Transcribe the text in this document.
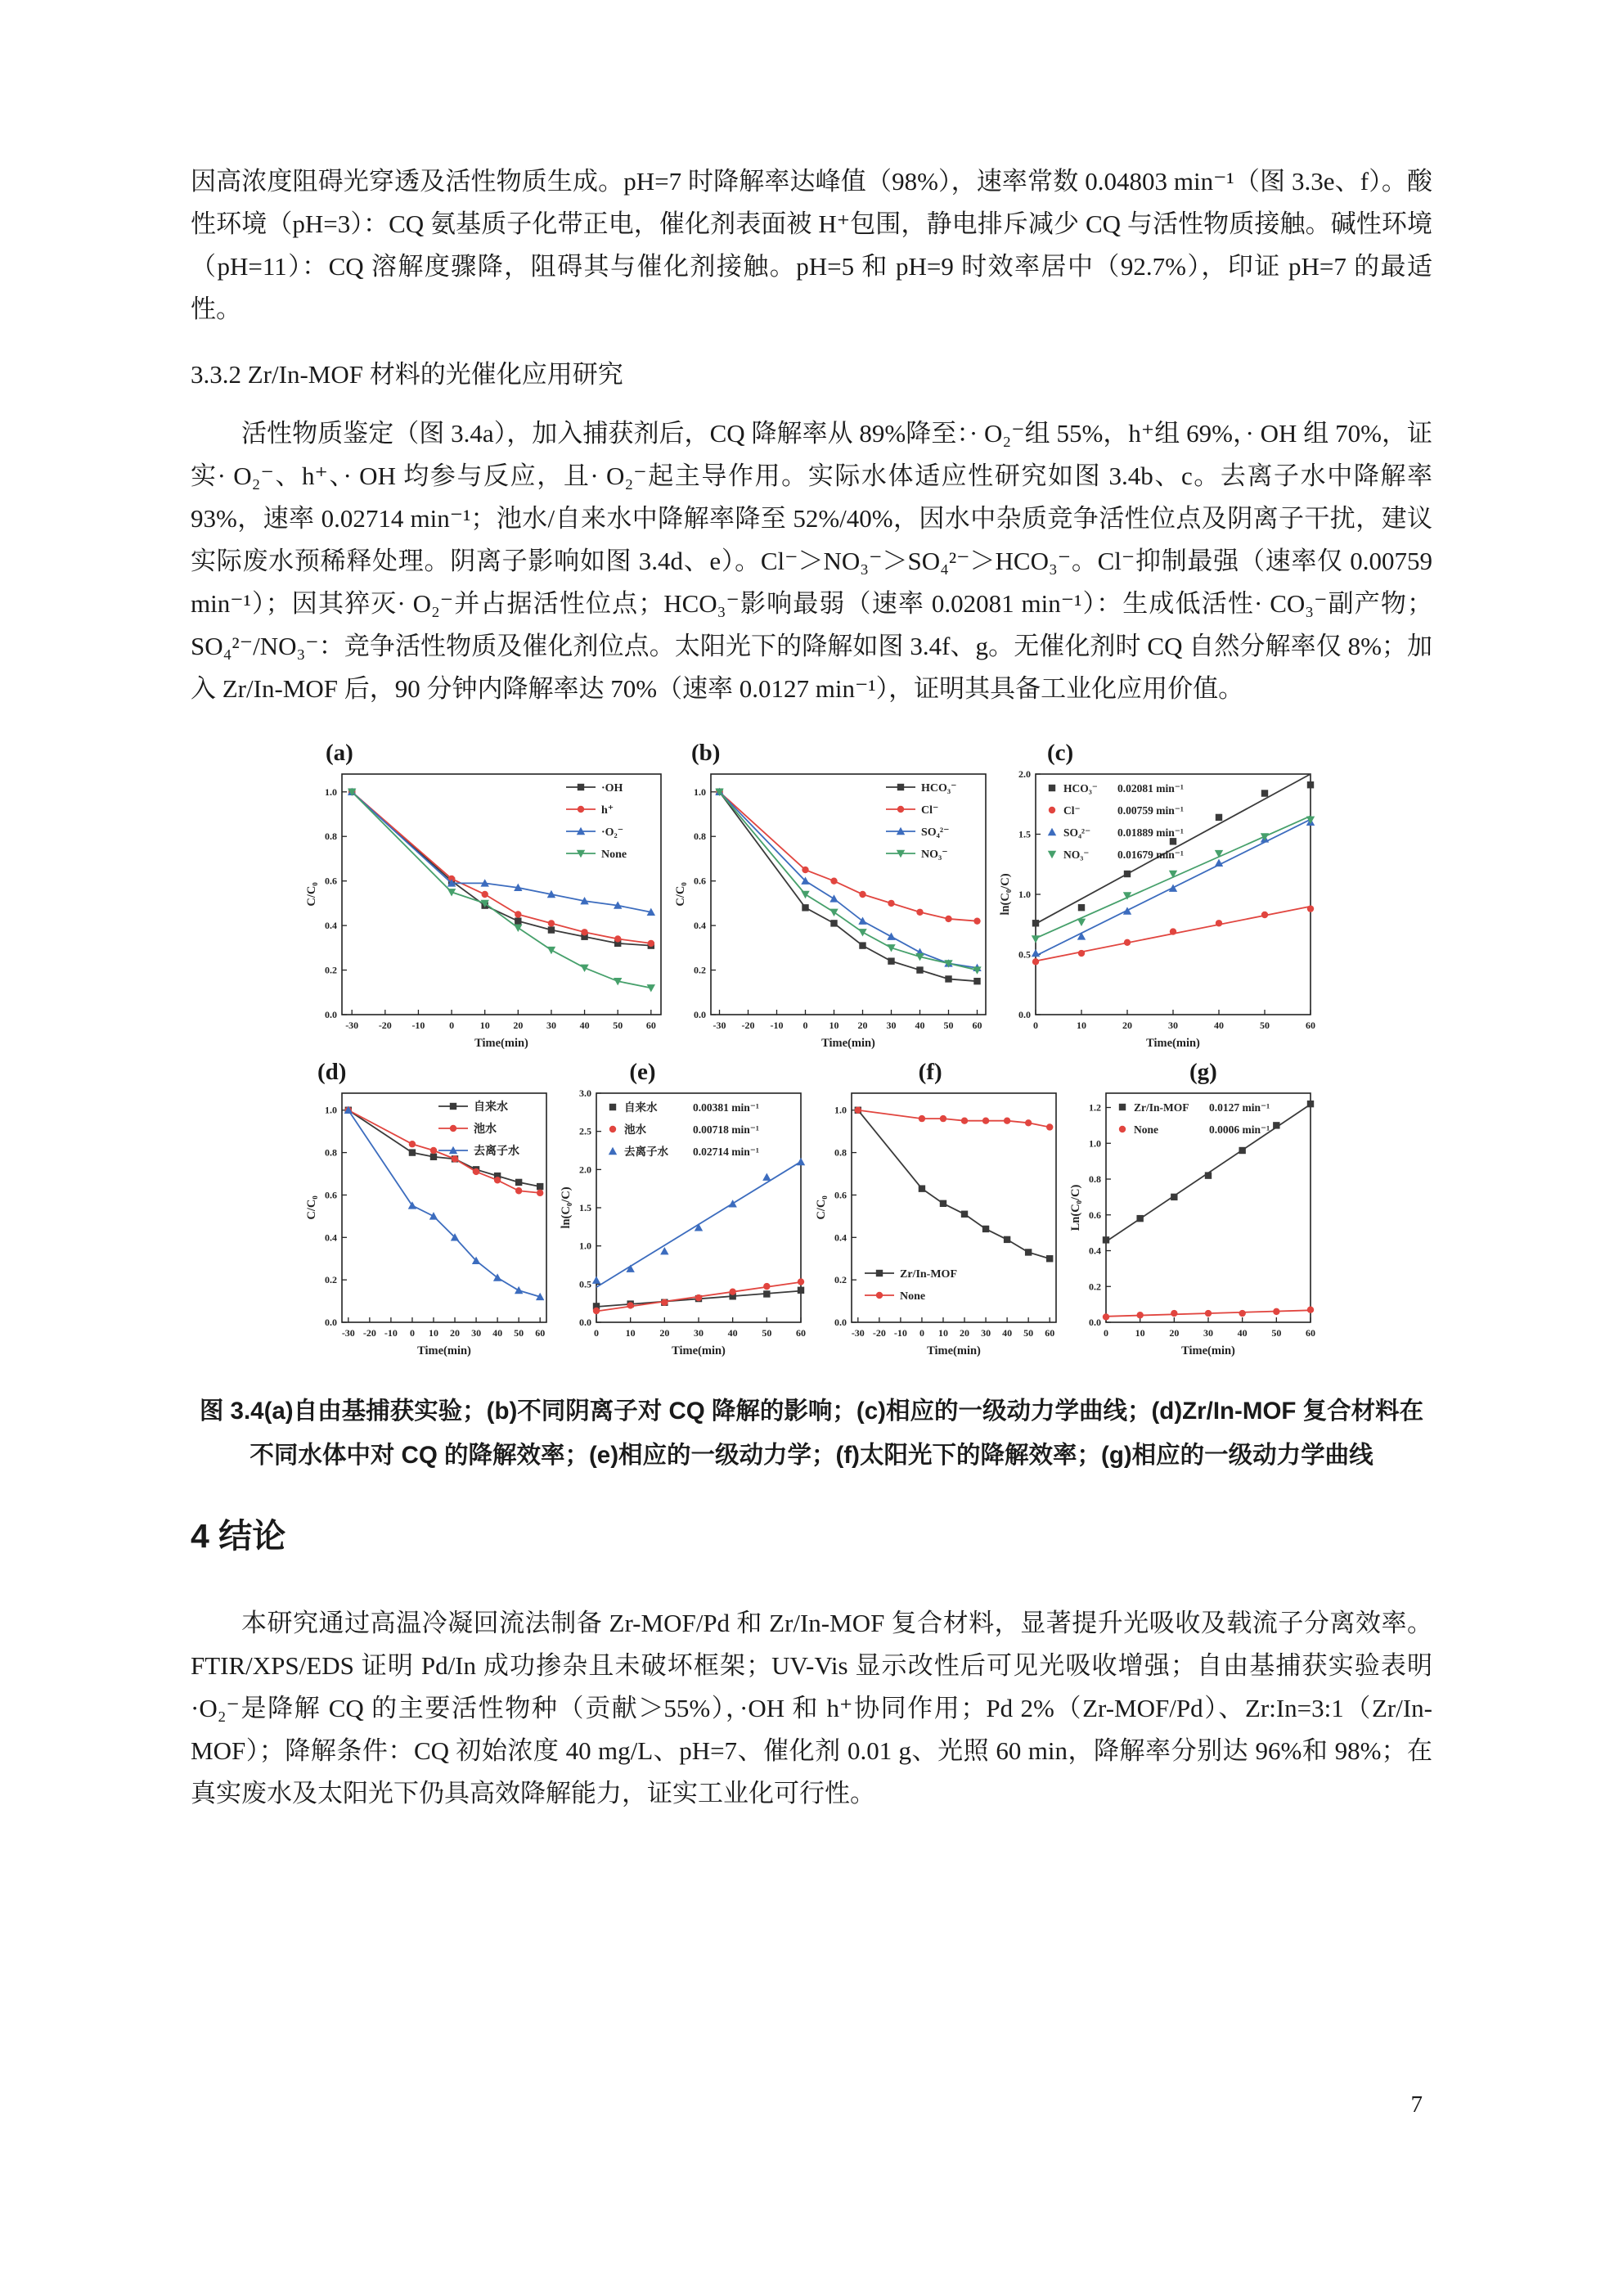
因高浓度阻碍光穿透及活性物质生成。pH=7 时降解率达峰值（98%），速率常数 0.04803 min⁻¹（图 3.3e、f）。酸性环境（pH=3）：CQ 氨基质子化带正电，催化剂表面被 H⁺包围，静电排斥减少 CQ 与活性物质接触。碱性环境（pH=11）：CQ 溶解度骤降，阻碍其与催化剂接触。pH=5 和 pH=9 时效率居中（92.7%），印证 pH=7 的最适性。

3.3.2 Zr/In-MOF 材料的光催化应用研究

活性物质鉴定（图 3.4a），加入捕获剂后，CQ 降解率从 89%降至：· O₂⁻组 55%，h⁺组 69%，· OH 组 70%，证实· O₂⁻、h⁺、· OH 均参与反应，且· O₂⁻起主导作用。实际水体适应性研究如图 3.4b、c。去离子水中降解率 93%，速率 0.02714 min⁻¹；池水/自来水中降解率降至 52%/40%，因水中杂质竞争活性位点及阴离子干扰，建议实际废水预稀释处理。阴离子影响如图 3.4d、e）。Cl⁻＞NO₃⁻＞SO₄²⁻＞HCO₃⁻。Cl⁻抑制最强（速率仅 0.00759 min⁻¹）；因其猝灭· O₂⁻并占据活性位点；HCO₃⁻影响最弱（速率 0.02081 min⁻¹）：生成低活性· CO₃⁻副产物；SO₄²⁻/NO₃⁻：竞争活性物质及催化剂位点。太阳光下的降解如图 3.4f、g。无催化剂时 CQ 自然分解率仅 8%；加入 Zr/In-MOF 后，90 分钟内降解率达 70%（速率 0.0127 min⁻¹），证明其具备工业化应用价值。

(a)
-30 -20 -10 0	10 20 30 40 50 60
0.0
0.2
0.4
0.6
0.8
1.0
Time(min)
C/C₀
·OH
h⁺
·O₂⁻
None
(b)
-30 -20 -10 0 10 20 30 40 50 60
0.0
0.2
0.4
0.6
0.8
1.0
Time(min)
C/C₀
HCO₃⁻
Cl⁻
SO₄²⁻
NO₃⁻
(c)
0	10	20	30	40	50	60
0.0
0.5
1.0
1.5
2.0
Time(min)
ln(C₀/C)
HCO₃⁻ 0.02081 min⁻¹
Cl⁻	0.00759 min⁻¹
SO₄²⁻ 0.01889 min⁻¹
NO₃⁻	0.01679 min⁻¹
(d)
-30 -20 -10 0 10 20 30 40 50 60
0.0
0.2
0.4
0.6
0.8
1.0
Time(min)
C/C₀
自来水
池水
去离子水
(e)
0	10 20 30 40 50 60
0.0
0.5
1.0
1.5
2.0
2.5
3.0
Time(min)
ln(C₀/C)
自来水	0.00381 min⁻¹
池水	0.00718 min⁻¹
去离子水 0.02714 min⁻¹
(f)
-30 -20 -10 0 10 20 30 40 50 60
0.0
0.2
0.4
0.6
0.8
1.0
Time(min)
C/C₀
Zr/In-MOF
None
(g)
0	10 20 30 40 50 60
0.0
0.2
0.4
0.6
0.8
1.0
1.2
Time(min)
Ln(C₀/C)
Zr/In-MOF 0.0127 min⁻¹
None	0.0006 min⁻¹
图 3.4(a)自由基捕获实验；(b)不同阴离子对 CQ 降解的影响；(c)相应的一级动力学曲线；(d)Zr/In-MOF 复合材料在不同水体中对 CQ 的降解效率；(e)相应的一级动力学；(f)太阳光下的降解效率；(g)相应的一级动力学曲线
4 结论

本研究通过高温冷凝回流法制备 Zr-MOF/Pd 和 Zr/In-MOF 复合材料，显著提升光吸收及载流子分离效率。FTIR/XPS/EDS 证明 Pd/In 成功掺杂且未破坏框架；UV-Vis 显示改性后可见光吸收增强；自由基捕获实验表明·O₂⁻是降解 CQ 的主要活性物种（贡献＞55%），·OH 和 h⁺协同作用；Pd 2%（Zr-MOF/Pd）、Zr:In=3:1（Zr/In-MOF）；降解条件：CQ 初始浓度 40 mg/L、pH=7、催化剂 0.01 g、光照 60 min，降解率分别达 96%和 98%；在真实废水及太阳光下仍具高效降解能力，证实工业化可行性。

7
